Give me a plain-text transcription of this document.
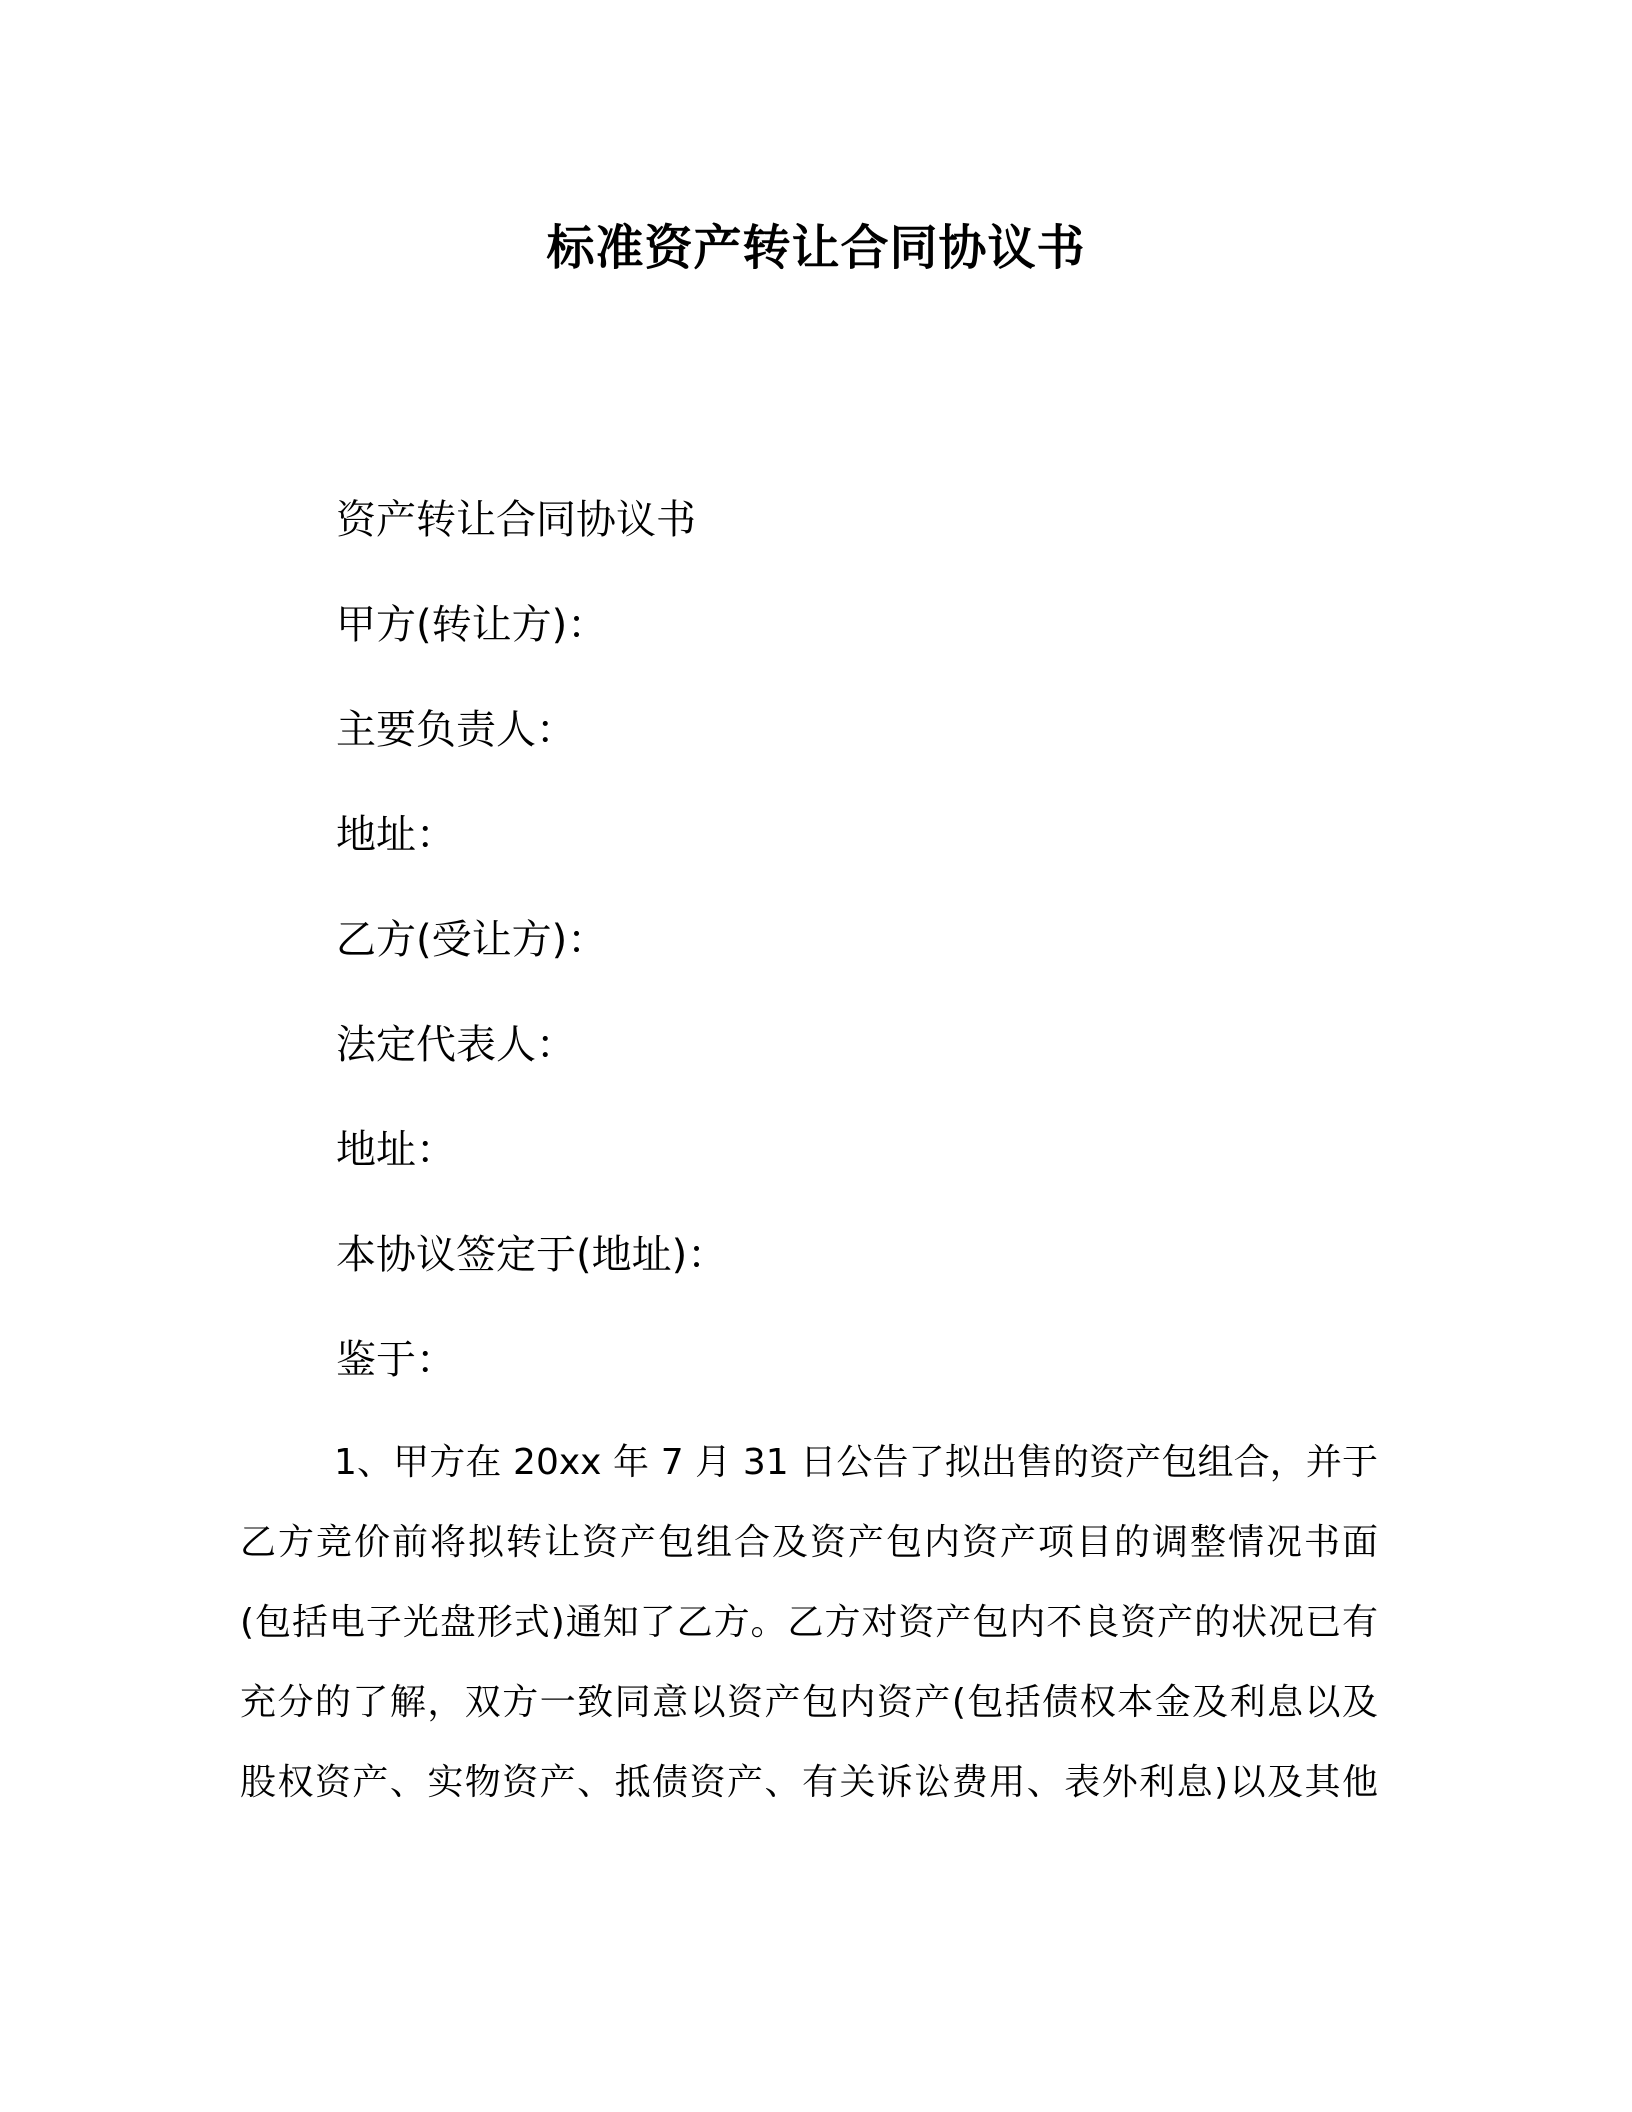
标准资产转让合同协议书
资产转让合同协议书
甲方(转让方)：
主要负责人：
地址：
乙方(受让方)：
法定代表人：
地址：
本协议签定于(地址)：
鉴于：
1、甲方在 20xx 年 7 月 31 日公告了拟出售的资产包组合，并于
乙方竞价前将拟转让资产包组合及资产包内资产项目的调整情况书面
(包括电子光盘形式)通知了乙方。乙方对资产包内不良资产的状况已有
充分的了解，双方一致同意以资产包内资产(包括债权本金及利息以及
股权资产、实物资产、抵债资产、有关诉讼费用、表外利息)以及其他
